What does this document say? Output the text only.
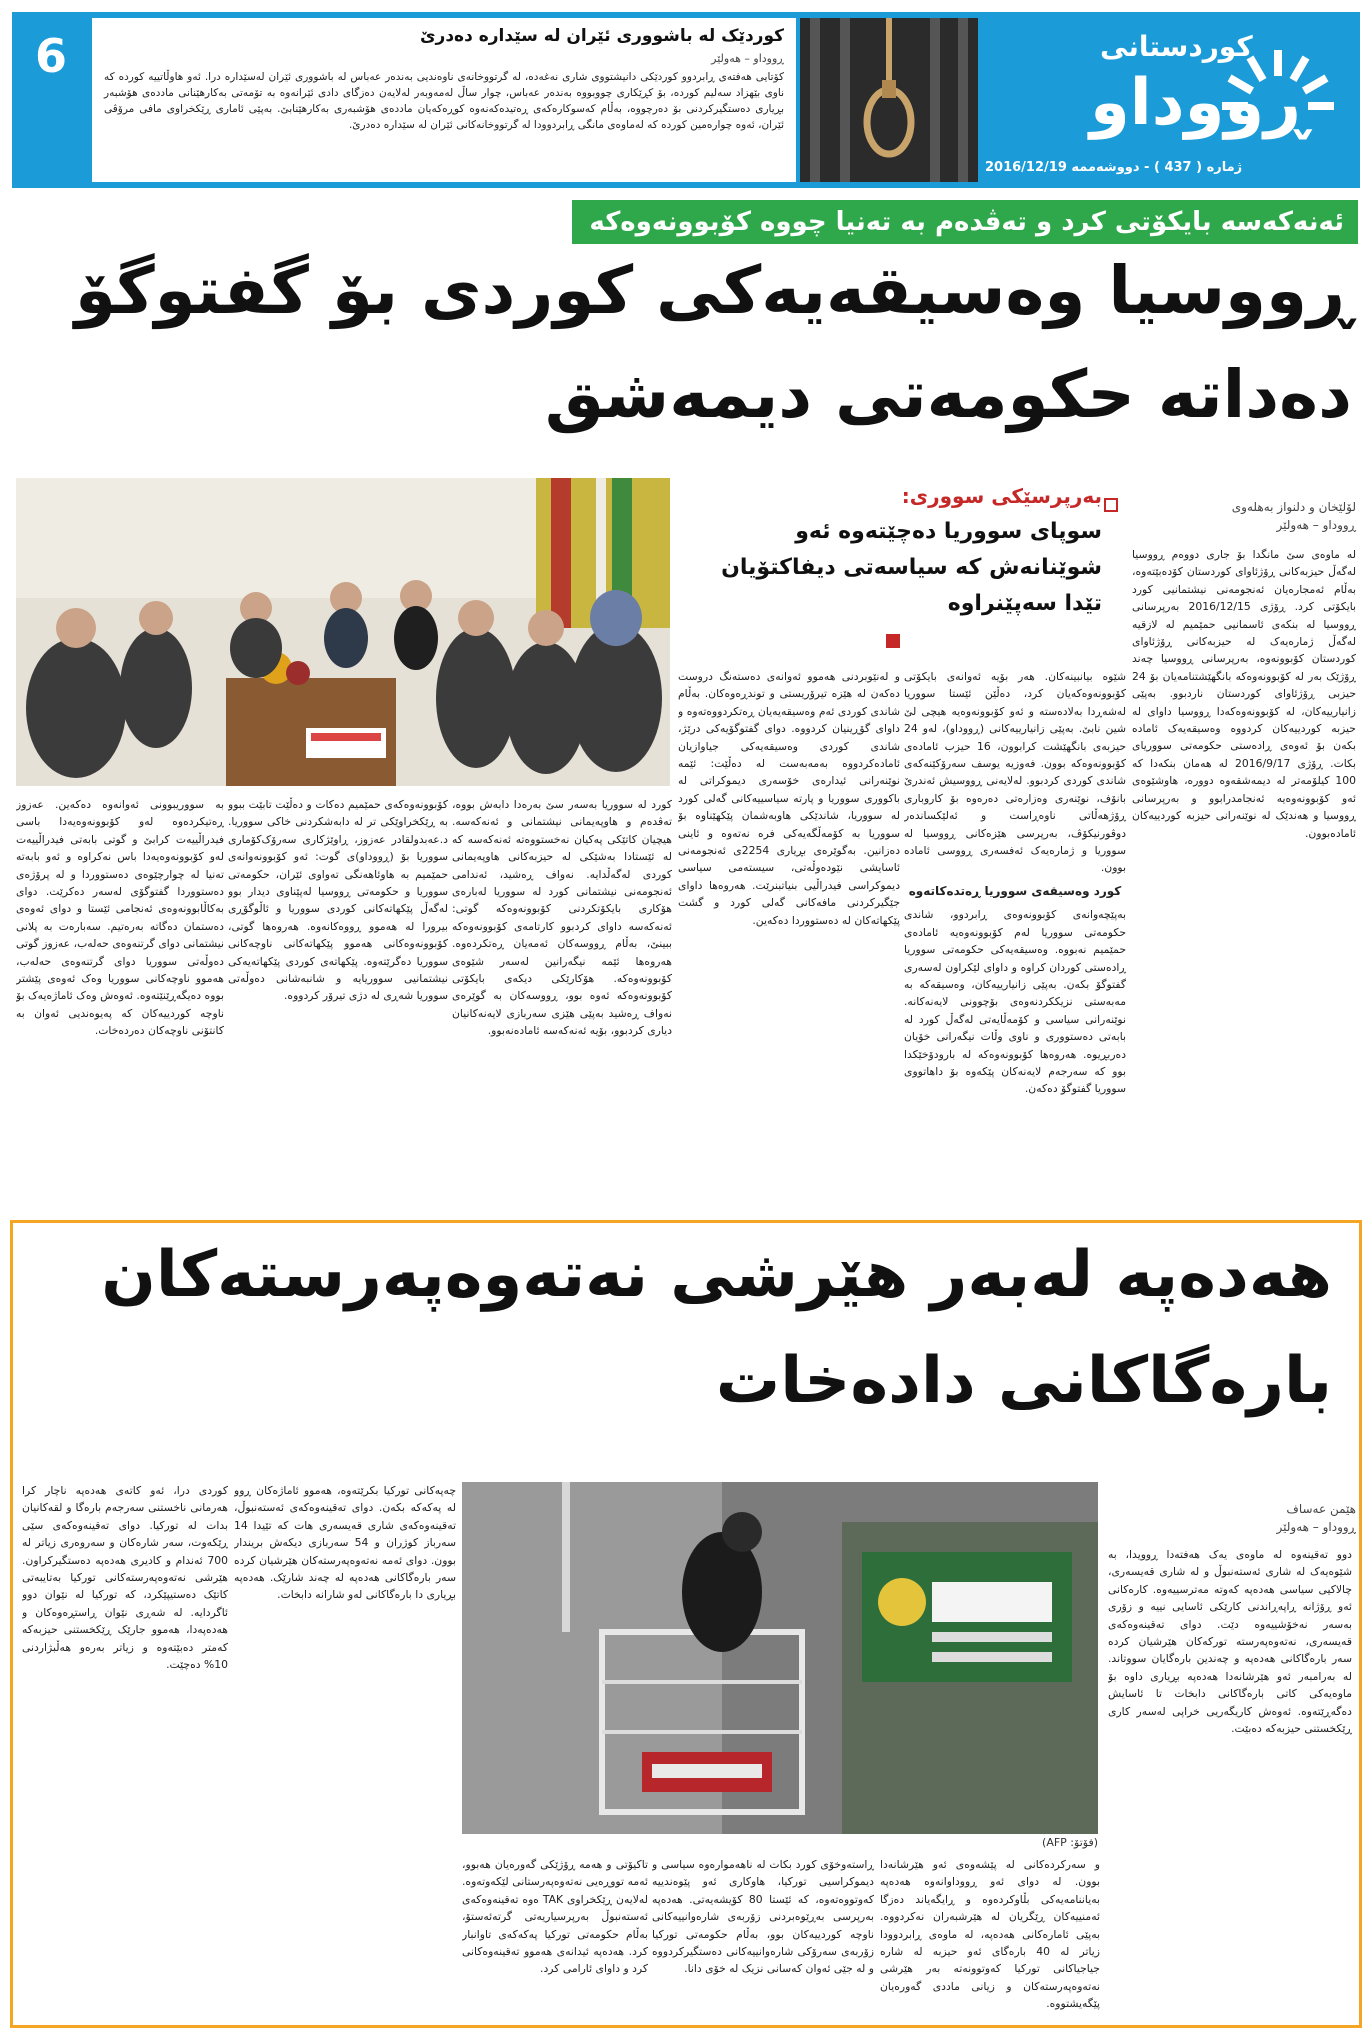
6	کوردێک لە باشووری ئێران لە سێدارە دەدرێ
ڕووداو – هەولێر
کۆتایی هەفتەی ڕابردوو کوردێکی دانیشتووی شاری نەغەدە، لە گرتووخانەی ناوەندیی بەندەر عەباس لە باشووری ئێران لەسێدارە درا. ئەو هاوڵاتییە کوردە کە ناوی بێهزاد سەلیم کوردە، بۆ کڕێکاری چووبووە بەندەر عەباس، چوار ساڵ لەمەوبەر لەلایەن دەزگای دادی ئێرانەوە بە تۆمەتی بەکارهێنانی ماددەی هۆشبەر بڕیاری دەستگیرکردنی بۆ دەرچووە، بەڵام کەسوکارەکەی ڕەتیدەکەنەوە کوڕەکەیان ماددەی هۆشبەری بەکارهێنابێ. بەپێی ئاماری ڕێکخراوی مافی مرۆڤی ئێران، ئەوە چوارەمین کوردە کە لەماوەی مانگی ڕابردوودا لە گرتووخانەکانی ئێران لە سێدارە دەدرێ.
کوردستانی
ڕووداو
ژمارە ( 437 ) - دووشەممە 2016/12/19
ئەنەکەسە بایکۆتی کرد و تەڤدەم بە تەنیا چووە کۆبوونەوەکە
ڕووسیا وەسیقەیەکی کوردی بۆ گفتوگۆ
دەداتە حکومەتی دیمەشق
لۆلێخان و دلنواز بەهلەوی
ڕووداو – هەولێر
بەرپرسێکی سووری:
سوپای سووریا دەچێتەوە ئەو شوێنانەش کە سیاسەتی دیفاکتۆیان تێدا سەپێنراوە

لە ماوەی سێ مانگدا بۆ جاری دووەم ڕووسیا لەگەڵ حیزبەکانی ڕۆژئاوای کوردستان کۆدەبێتەوە، بەڵام ئەمجارەیان ئەنجومەنی نیشتمانیی کورد بایکۆتی کرد. ڕۆژی 2016/12/15 بەرپرسانی ڕووسیا لە بنکەی ئاسمانیی حمێمیم لە لازقیە لەگەڵ ژمارەیەک لە حیزبەکانی ڕۆژئاوای کوردستان کۆبوونەوە، بەرپرسانی ڕووسیا چەند ڕۆژێک بەر لە کۆبوونەوەکە بانگهێشتنامەیان بۆ 24 حیزبی ڕۆژئاوای کوردستان ناردبوو. بەپێی زانیارییەکان، لە کۆبوونەوەکەدا ڕووسیا داوای لە حیزبە کوردییەکان کردووە وەسیقەیەک ئامادە بکەن بۆ ئەوەی ڕادەستی حکومەتی سووریای بکات. ڕۆژی 2016/9/17 لە هەمان بنکەدا کە 100 کیلۆمەتر لە دیمەشقەوە دوورە، هاوشێوەی ئەو کۆبوونەوەیە ئەنجامدرابوو و بەرپرسانی ڕووسیا و هەندێک لە نوێنەرانی حیزبە کوردییەکان ئامادەبوون.

شێوە بیانبینەکان. هەر بۆیە ئەوانەی بایکۆتی کۆبوونەوەکەیان کرد، دەڵێن ئێستا سووریا لەشەڕدا بەلادەستە و ئەو کۆبوونەوەیە هیچی لێ شین نابێ. بەپێی زانیارییەکانی (ڕووداو)، لەو 24 حیزبەی بانگهێشت کرابوون، 16 حیزب ئامادەی کۆبوونەوەکە بوون. فەوزیە یوسف سەرۆکێنەکەی شاندی کوردی کردبوو. لەلایەنی ڕووسیش ئەندرێ بانۆف، نوێنەری وەزارەتی دەرەوە بۆ کاروباری ڕۆژهەڵاتی ناوەڕاست و ئەلێکساندەر دوڤورنیکۆڤ، بەرپرسی هێزەکانی ڕووسیا لە سووریا و ژمارەیەک ئەفسەری ڕووسی ئامادە بوون.

کورد وەسیقەی سووریا ڕەتدەکاتەوە

بەپێچەوانەی کۆبوونەوەی ڕابردوو، شاندی حکومەتی سووریا لەم کۆبوونەوەیە ئامادەی حمێمیم نەبووە. وەسیقەیەکی حکومەتی سووریا ڕادەستی کوردان کراوە و داوای لێکراون لەسەری گفتوگۆ بکەن. بەپێی زانیارییەکان، وەسیقەکە بە مەبەستی نزیککردنەوەی بۆچوونی لایەنەکانە. نوێنەرانی سیاسی و کۆمەڵایەتی لەگەڵ کورد لە بابەتی دەستووری و ناوی وڵات نیگەرانی خۆیان دەربڕیوە. هەروەها کۆبوونەوەکە لە بارودۆخێکدا بوو کە سەرجەم لایەنەکان پێکەوە بۆ داهاتووی سووریا گفتوگۆ دەکەن.

و لەنێوبردنی هەموو ئەوانەی دەستەنگ دروست دەکەن لە هێزە تیرۆریستی و توندڕەوەکان. بەڵام شاندی کوردی ئەم وەسیقەیەیان ڕەتکردووەتەوە و داوای گۆڕینیان کردووە. دوای گفتوگۆیەکی درێژ، شاندی کوردی وەسیقەیەکی جیاوازیان ئامادەکردووە بەمەبەست لە دەڵێت: ئێمە نوێنەرانی ئیدارەی خۆسەری دیموکراتی لە باکووری سووریا و پارتە سیاسییەکانی گەلی کورد لە سووریا، شاندێکی هاوبەشمان پێکهێناوە بۆ سووریا بە کۆمەڵگەیەکی فرە نەتەوە و ئاینی دەزانین. بەگوێرەی بڕیاری 2254ی ئەنجومەنی ئاسایشی نێودەوڵەتی، سیستەمی سیاسی دیموکراسی فیدراڵیی بنیاتبنرێت. هەروەها داوای جێگیرکردنی مافەکانی گەلی کورد و گشت پێکهاتەکان لە دەستووردا دەکەین.

کورد لە سووریا بەسەر سێ بەرەدا دابەش بووە، تەڤدەم و هاوپەیمانی نیشتمانی و ئەنەکەسە. هیچیان کاتێکی پەکیان نەخستووەتە ئەنەکەسە کە لە ئێستادا بەشێکی لە حیزبەکانی هاوپەیمانی کوردی لەگەڵدایە. نەواف ڕەشید، ئەندامی ئەنجومەنی نیشتمانی کورد لە سووریا لەبارەی هۆکاری بایکۆتکردنی کۆبوونەوەکە گوتی: ئەنەکەسە داوای کردبوو کارتامەی کۆبوونەوەکە ببینێ، بەڵام ڕووسەکان ئەمەیان ڕەتکردەوە. هەروەها ئێمە نیگەرانین لەسەر شێوەی کۆبوونەوەکە. هۆکارێکی دیکەی بایکۆتی کۆبوونەوەکە ئەوە بوو، ڕووسەکان بە گوێرەی نەواف ڕەشید بەپێی هێزی سەربازی لایەنەکانیان دیاری کردبوو، بۆیە ئەنەکەسە ئامادەنەبوو.

کۆبوونەوەکەی حمێمیم دەکات و دەڵێت تابێت ببوو بە ڕێکخراوێکی تر لە دابەشکردنی خاکی سووریا. د.عەبدولقادر عەزوز، ڕاوێژکاری سەرۆک‌کۆماری سووریا بۆ (ڕووداو)ی گوت: ئەو کۆبوونەوانەی حمێمیم بە هاوئاهەنگی تەواوی ئێران، حکومەتی سووریا و حکومەتی ڕووسیا لەپێناوی دیدار بوو لەگەڵ پێکهاتەکانی کوردی سووریا و ئاڵوگۆڕی بیرورا لە هەموو ڕووەکانەوە. هەروەها گوتی، کۆبوونەوەکانی هەموو پێکهاتەکانی ناوچەکانی سووریا دەگرێتەوە. پێکهاتەی کوردی پێکهاتەیەکی نیشتمانیی سووریایە و شانبەشانی دەوڵەتی سووریا شەڕی لە دژی تیرۆر کردووە.

بە سووریبوونی ئەوانەوە دەکەین. عەزوز ڕەتیکردەوە لەو کۆبوونەوەیەدا باسی فیدراڵییەت کرابێ و گوتی بابەتی فیدراڵییەت لەو کۆبوونەوەیەدا باس نەکراوە و ئەو بابەتە تەنیا لە چوارچێوەی دەستووردا و لە پرۆژەی دەستووردا گفتوگۆی لەسەر دەکرێت. دوای بەکاڵابوونەوەی ئەنجامی ئێستا و دوای ئەوەی دەستمان دەگاتە بەرەتیم. سەبارەت بە پلانی نیشتمانی دوای گرتنەوەی حەلەب، عەزوز گوتی دەوڵەتی سووریا دوای گرتنەوەی حەلەب، هەموو ناوچەکانی سووریا وەک ئەوەی پێشتر بووە دەیگەڕێنێتەوە. ئەوەش وەک ئاماژەیەک بۆ ناوچە کوردییەکان کە پەیوەندیی ئەوان بە کانتۆنی ناوچەکان دەردەخات.

هەدەپە لەبەر هێرشی نەتەوەپەرستەکان
بارەگاکانی دادەخات
هێمن عەساف
ڕووداو – هەولێر
(فۆتۆ: AFP)

دوو تەقینەوە لە ماوەی یەک هەفتەدا ڕوویدا، بە شێوەیەک لە شاری ئەستەنبوڵ و لە شاری قەیسەری، چالاکیی سیاسی هەدەپە کەوتە مەترسییەوە. کارەکانی ئەو ڕۆژانە ڕاپەڕاندنی کارێکی ئاسایی نییە و زۆری بەسەر نەخۆشییەوە دێت. دوای تەقینەوەکەی قەیسەری، نەتەوەپەرستە تورکەکان هێرشیان کردە سەر بارەگاکانی هەدەپە و چەندین بارەگایان سووتاند. لە بەرامبەر ئەو هێرشانەدا هەدەپە بڕیاری داوە بۆ ماوەیەکی کاتی بارەگاکانی دابخات تا ئاسایش دەگەڕێتەوە. ئەوەش کاریگەریی خراپی لەسەر کاری ڕێکخستنی حیزبەکە دەبێت.

و سەرکردەکانی لە پێشەوەی ئەو هێرشانەدا بوون. لە دوای ئەو ڕووداوانەوە هەدەپە بەیاننامەیەکی بڵاوکردەوە و ڕایگەیاند دەزگا ئەمنییەکان ڕێگریان لە هێرشبەران نەکردووە. بەپێی ئامارەکانی هەدەپە، لە ماوەی ڕابردوودا زیاتر لە 40 بارەگای ئەو حیزبە لە شارە جیاجیاکانی تورکیا کەوتوونەتە بەر هێرشی نەتەوەپەرستەکان و زیانی ماددی گەورەیان پێگەیشتووە.

ڕاستەوخۆی کورد بکات لە ناهەموارەوە سیاسی و دیموکراسیی تورکیا، هاوکاری ئەو پێوەندییە کەوتووەتەوە، کە ئێستا 80 کۆیشەیەتی. هەدەپە بەرپرسی بەڕێوەبردنی زۆربەی شارەوانییەکانی ناوچە کوردییەکان بوو، بەڵام حکومەتی تورکیا زۆربەی سەرۆکی شارەوانییەکانی دەستگیرکردووە و لە جێی ئەوان کەسانی نزیک لە خۆی دانا.

تاکیۆتی و هەمە ڕۆژێکی گەورەیان هەبوو، ئەمە تووڕەیی نەتەوەپەرستانی لێکەوتەوە. لەلایەن ڕێکخراوی TAK ەوە تەقینەوەکەی ئەستەنبوڵ بەرپرسیاریەتی گرتەئەستۆ، بەڵام حکومەتی تورکیا پەکەکەی تاوانبار کرد. هەدەپە ئیدانەی هەموو تەقینەوەکانی کرد و داوای ئارامی کرد.

چەپەکانی تورکیا بکرێتەوە، هەموو ئاماژەکان ڕوو لە پەکەکە بکەن. دوای تەقینەوەکەی ئەستەنبوڵ، تەقینەوەکەی شاری قەیسەری هات کە تێیدا 14 سەرباز کوژران و 54 سەربازی دیکەش بریندار بوون. دوای ئەمە نەتەوەپەرستەکان هێرشیان کردە سەر بارەگاکانی هەدەپە لە چەند شارێک. هەدەپە بڕیاری دا بارەگاکانی لەو شارانە دابخات.

کوردی درا، ئەو کاتەی هەدەپە ناچار کرا هەرمانی ناخستنی سەرجەم بارەگا و لقەکانیان بدات لە تورکیا. دوای تەقینەوەکەی سێی ڕێکەوت، سەر شارەکان و سەروەری زیاتر لە 700 ئەندام و کادیری هەدەپە دەستگیرکراون. هێرشی نەتەوەپەرستەکانی تورکیا بەتایبەتی کاتێک دەستیپێکرد، کە تورکیا لە نێوان دوو ئاگردایە. لە شەڕی نێوان ڕاستڕەوەکان و هەدەپەدا، هەموو جارێک ڕێکخستنی حیزبەکە کەمتر دەبێتەوە و زیاتر بەرەو هەڵبژاردنی 10% دەچێت.
